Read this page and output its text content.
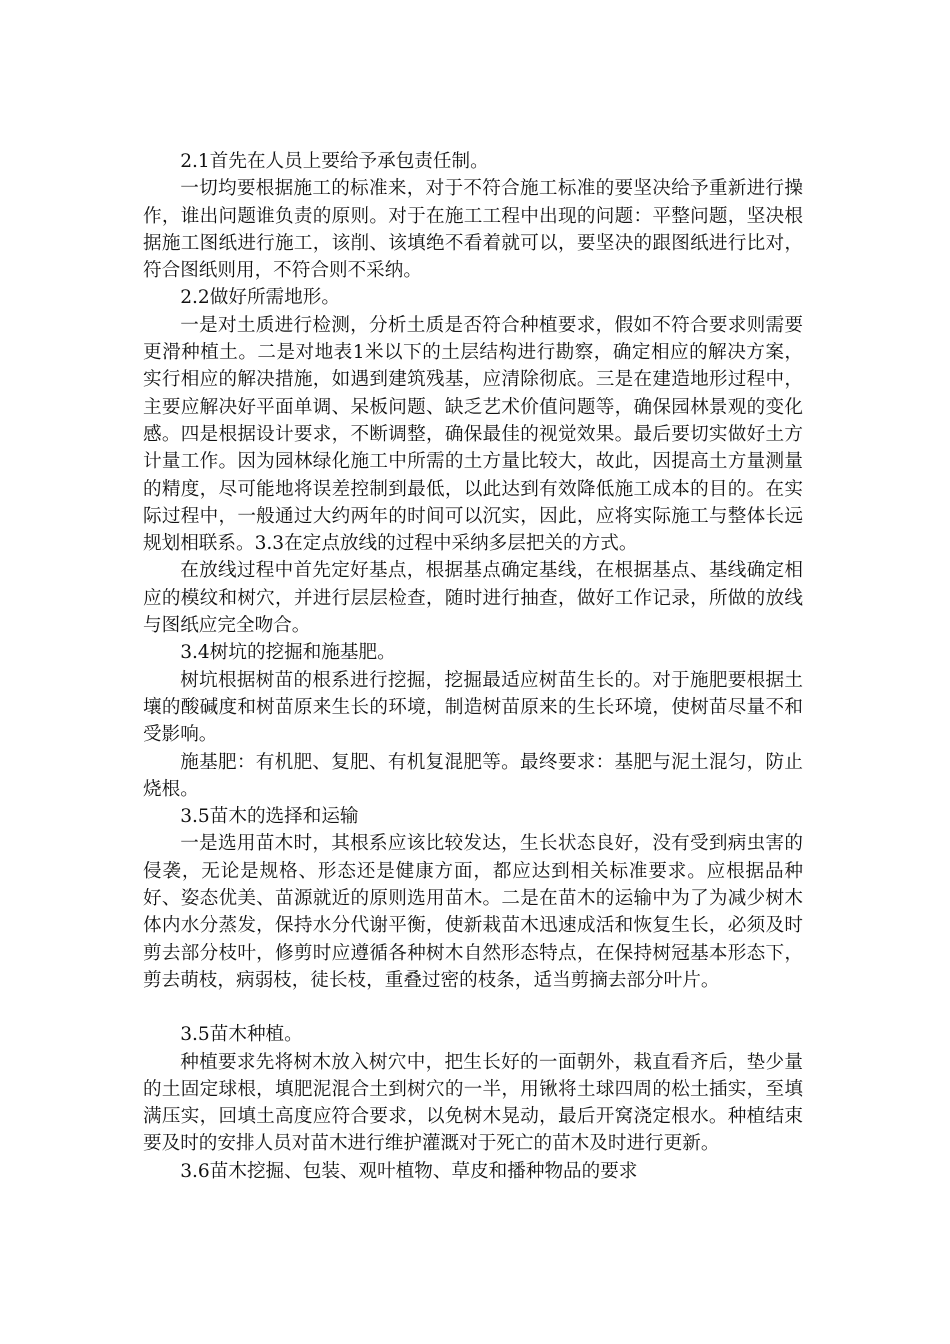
2.1首先在人员上要给予承包责任制。

一切均要根据施工的标准来，对于不符合施工标准的要坚决给予重新进行操作，谁出问题谁负责的原则。对于在施工工程中出现的问题：平整问题，坚决根据施工图纸进行施工，该削、该填绝不看着就可以，要坚决的跟图纸进行比对，符合图纸则用，不符合则不采纳。

2.2做好所需地形。

一是对土质进行检测，分析土质是否符合种植要求，假如不符合要求则需要更滑种植土。二是对地表1米以下的土层结构进行勘察，确定相应的解决方案，实行相应的解决措施，如遇到建筑残基，应清除彻底。三是在建造地形过程中，主要应解决好平面单调、呆板问题、缺乏艺术价值问题等，确保园林景观的变化感。四是根据设计要求，不断调整，确保最佳的视觉效果。最后要切实做好土方计量工作。因为园林绿化施工中所需的土方量比较大，故此，因提高土方量测量的精度，尽可能地将误差控制到最低，以此达到有效降低施工成本的目的。在实际过程中，一般通过大约两年的时间可以沉实，因此，应将实际施工与整体长远规划相联系。3.3在定点放线的过程中采纳多层把关的方式。

在放线过程中首先定好基点，根据基点确定基线，在根据基点、基线确定相应的模纹和树穴，并进行层层检查，随时进行抽查，做好工作记录，所做的放线与图纸应完全吻合。

3.4树坑的挖掘和施基肥。

树坑根据树苗的根系进行挖掘，挖掘最适应树苗生长的。对于施肥要根据土壤的酸碱度和树苗原来生长的环境，制造树苗原来的生长环境，使树苗尽量不和受影响。

施基肥：有机肥、复肥、有机复混肥等。最终要求：基肥与泥土混匀，防止烧根。

3.5苗木的选择和运输

一是选用苗木时，其根系应该比较发达，生长状态良好，没有受到病虫害的侵袭，无论是规格、形态还是健康方面，都应达到相关标准要求。应根据品种好、姿态优美、苗源就近的原则选用苗木。二是在苗木的运输中为了为减少树木体内水分蒸发，保持水分代谢平衡，使新栽苗木迅速成活和恢复生长，必须及时剪去部分枝叶，修剪时应遵循各种树木自然形态特点，在保持树冠基本形态下，剪去萌枝，病弱枝，徒长枝，重叠过密的枝条，适当剪摘去部分叶片。

3.5苗木种植。

种植要求先将树木放入树穴中，把生长好的一面朝外，栽直看齐后，垫少量的土固定球根，填肥泥混合土到树穴的一半，用锹将土球四周的松土插实，至填满压实，回填土高度应符合要求，以免树木晃动，最后开窝浇定根水。种植结束要及时的安排人员对苗木进行维护灌溉对于死亡的苗木及时进行更新。

3.6苗木挖掘、包装、观叶植物、草皮和播种物品的要求
